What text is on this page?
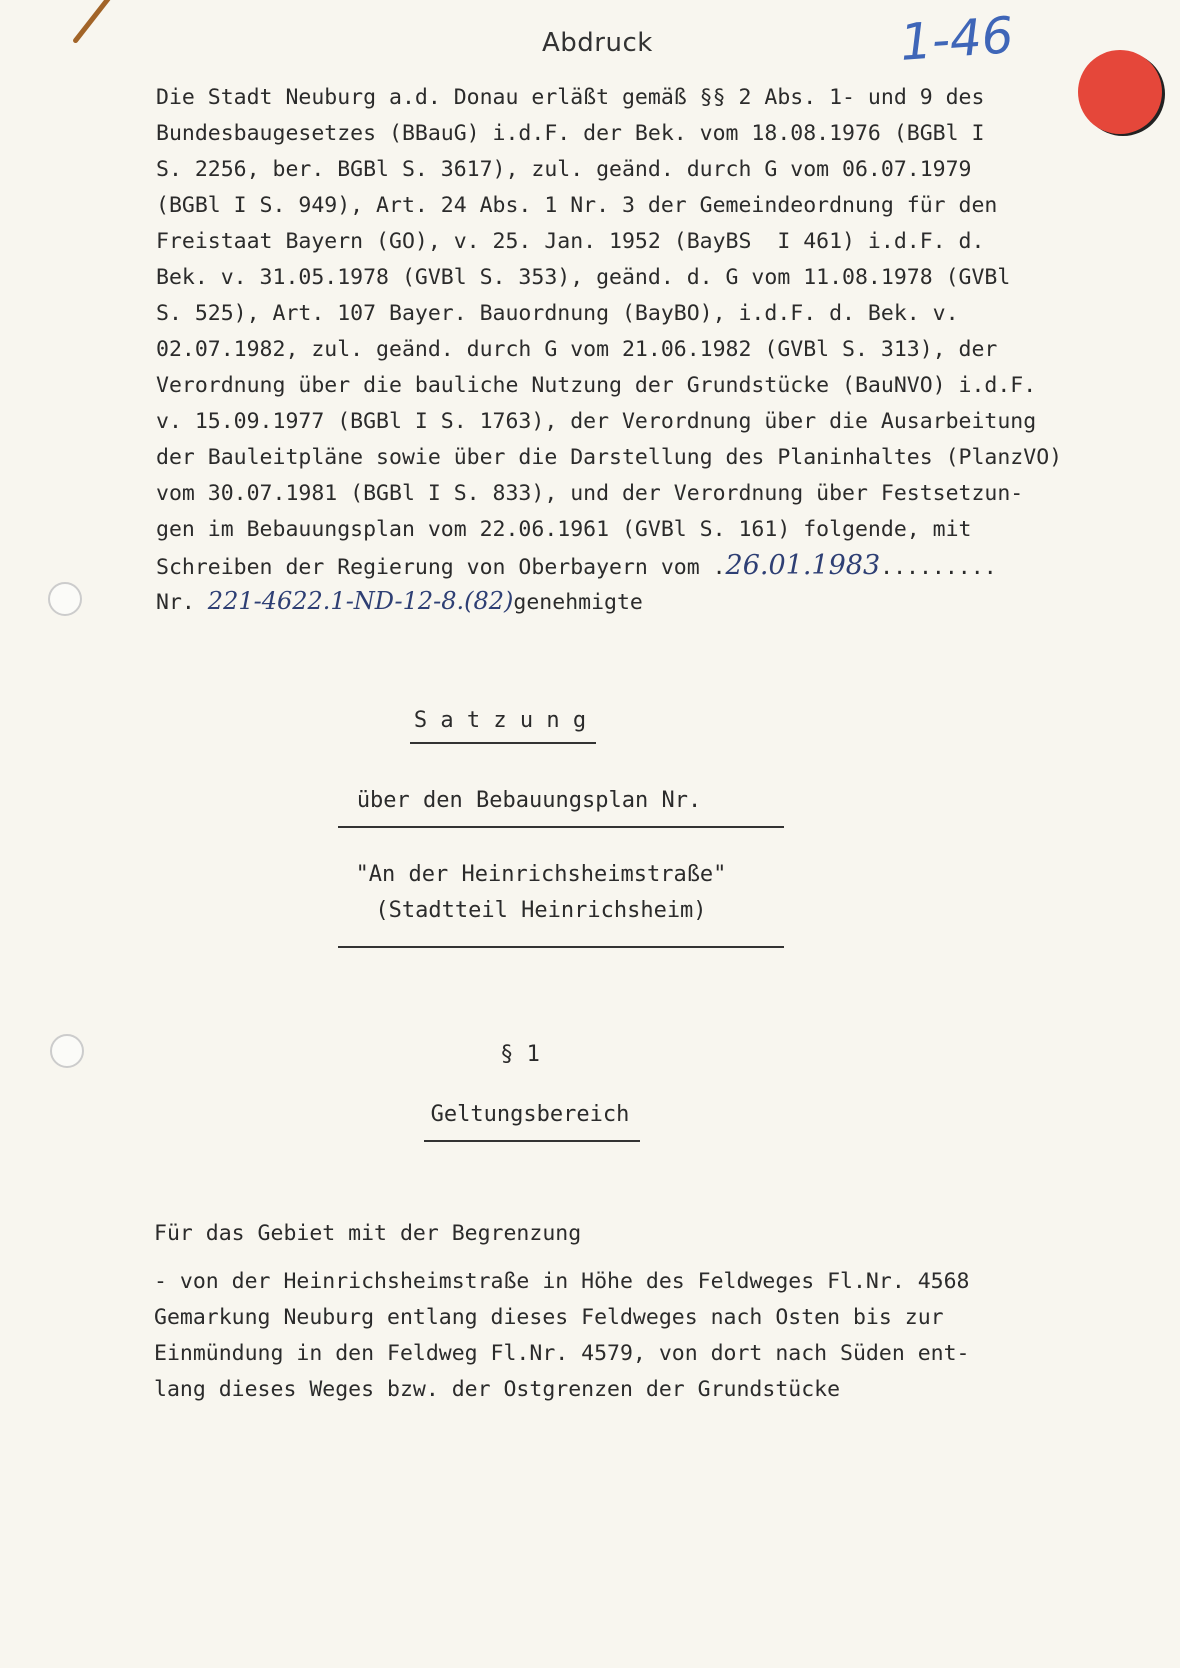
Abdruck	1-46
Die Stadt Neuburg a.d. Donau erläßt gemäß §§ 2 Abs. 1- und 9 des
Bundesbaugesetzes (BBauG) i.d.F. der Bek. vom 18.08.1976 (BGBl I
S. 2256, ber. BGBl S. 3617), zul. geänd. durch G vom 06.07.1979
(BGBl I S. 949), Art. 24 Abs. 1 Nr. 3 der Gemeindeordnung für den
Freistaat Bayern (GO), v. 25. Jan. 1952 (BayBS  I 461) i.d.F. d.
Bek. v. 31.05.1978 (GVBl S. 353), geänd. d. G vom 11.08.1978 (GVBl
S. 525), Art. 107 Bayer. Bauordnung (BayBO), i.d.F. d. Bek. v.
02.07.1982, zul. geänd. durch G vom 21.06.1982 (GVBl S. 313), der
Verordnung über die bauliche Nutzung der Grundstücke (BauNVO) i.d.F.
v. 15.09.1977 (BGBl I S. 1763), der Verordnung über die Ausarbeitung
der Bauleitpläne sowie über die Darstellung des Planinhaltes (PlanzVO)
vom 30.07.1981 (BGBl I S. 833), und der Verordnung über Festsetzun-
gen im Bebauungsplan vom 22.06.1961 (GVBl S. 161) folgende, mit
Schreiben der Regierung von Oberbayern vom .26.01.1983.........
Nr. 221-4622.1-ND-12-8.(82)genehmigte
S a t z u n g
über den Bebauungsplan Nr.
"An der Heinrichsheimstraße"
(Stadtteil Heinrichsheim)
§ 1
Geltungsbereich
Für das Gebiet mit der Begrenzung
- von der Heinrichsheimstraße in Höhe des Feldweges Fl.Nr. 4568
Gemarkung Neuburg entlang dieses Feldweges nach Osten bis zur
Einmündung in den Feldweg Fl.Nr. 4579, von dort nach Süden ent-
lang dieses Weges bzw. der Ostgrenzen der Grundstücke
